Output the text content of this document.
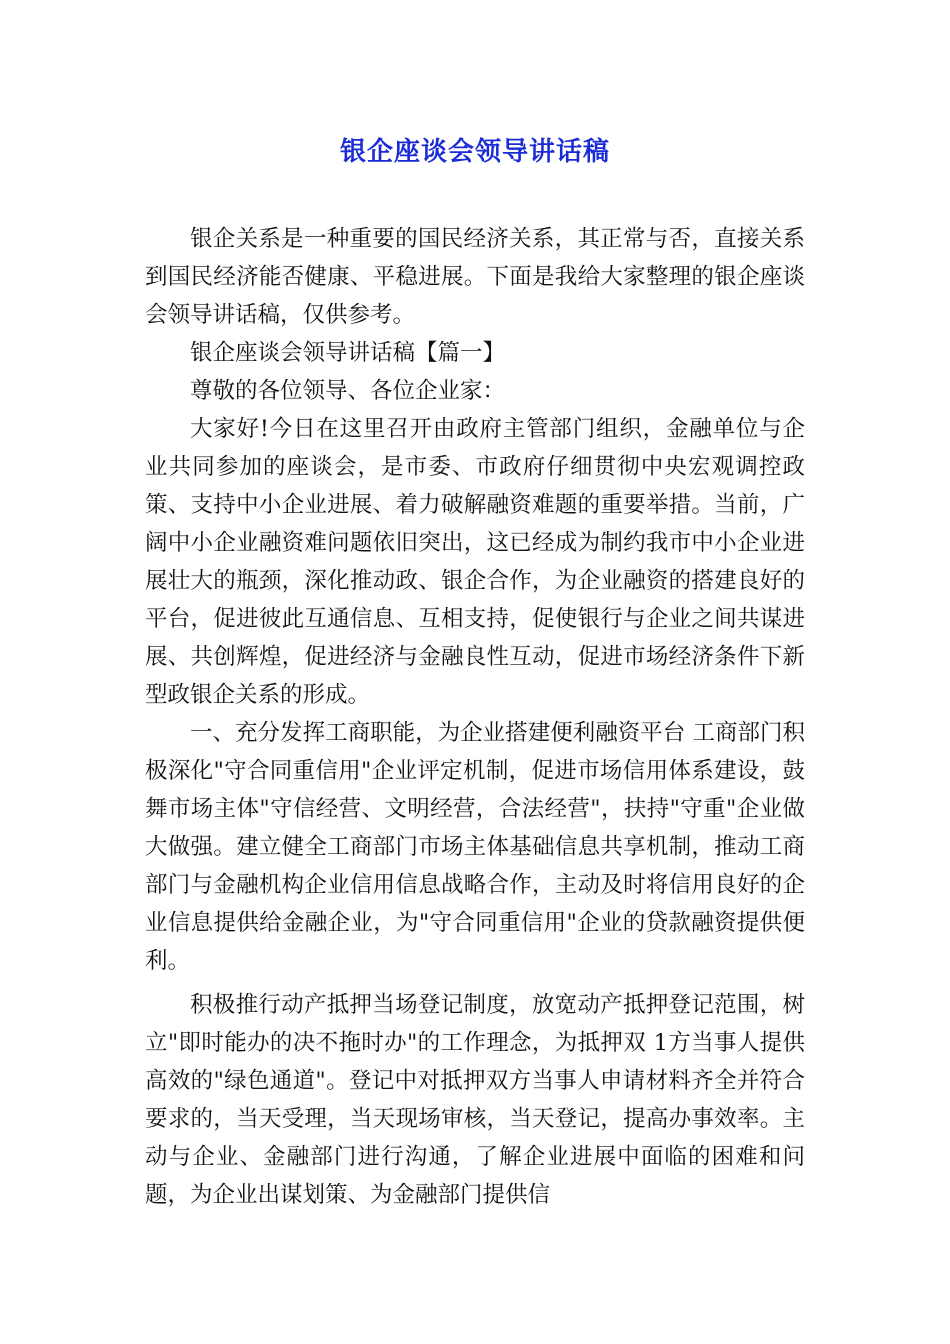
银企座谈会领导讲话稿

银企关系是一种重要的国民经济关系，其正常与否，直接关系到国民经济能否健康、平稳进展。下面是我给大家整理的银企座谈会领导讲话稿，仅供参考。

银企座谈会领导讲话稿【篇一】

尊敬的各位领导、各位企业家：

大家好!今日在这里召开由政府主管部门组织，金融单位与企业共同参加的座谈会，是市委、市政府仔细贯彻中央宏观调控政策、支持中小企业进展、着力破解融资难题的重要举措。当前，广阔中小企业融资难问题依旧突出，这已经成为制约我市中小企业进展壮大的瓶颈，深化推动政、银企合作，为企业融资的搭建良好的平台，促进彼此互通信息、互相支持，促使银行与企业之间共谋进展、共创辉煌，促进经济与金融良性互动，促进市场经济条件下新型政银企关系的形成。

一、充分发挥工商职能，为企业搭建便利融资平台 工商部门积极深化"守合同重信用"企业评定机制，促进市场信用体系建设，鼓舞市场主体"守信经营、文明经营，合法经营"，扶持"守重"企业做大做强。建立健全工商部门市场主体基础信息共享机制，推动工商部门与金融机构企业信用信息战略合作，主动及时将信用良好的企业信息提供给金融企业，为"守合同重信用"企业的贷款融资提供便利。

积极推行动产抵押当场登记制度，放宽动产抵押登记范围，树立"即时能办的决不拖时办"的工作理念，为抵押双 1方当事人提供高效的"绿色通道"。登记中对抵押双方当事人申请材料齐全并符合要求的，当天受理，当天现场审核，当天登记，提高办事效率。主动与企业、金融部门进行沟通，了解企业进展中面临的困难和问题，为企业出谋划策、为金融部门提供信
